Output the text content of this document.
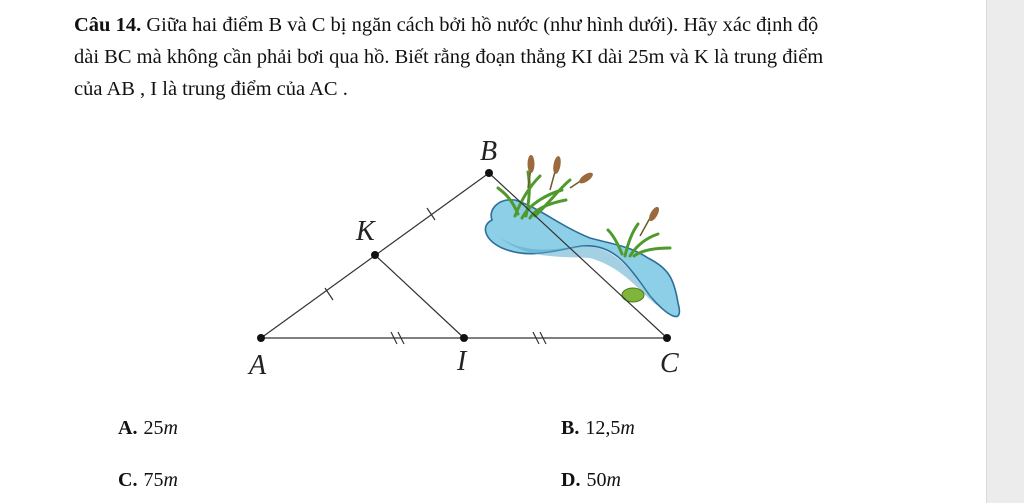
Câu 14. Giữa hai điểm B và C bị ngăn cách bởi hồ nước (như hình dưới). Hãy xác định độ dài BC mà không cần phải bơi qua hồ. Biết rằng đoạn thẳng KI dài 25m và K là trung điểm của AB , I là trung điểm của AC .
B
K
A	I	C
A. 25m	B. 12,5m
C. 75m	D. 50m
